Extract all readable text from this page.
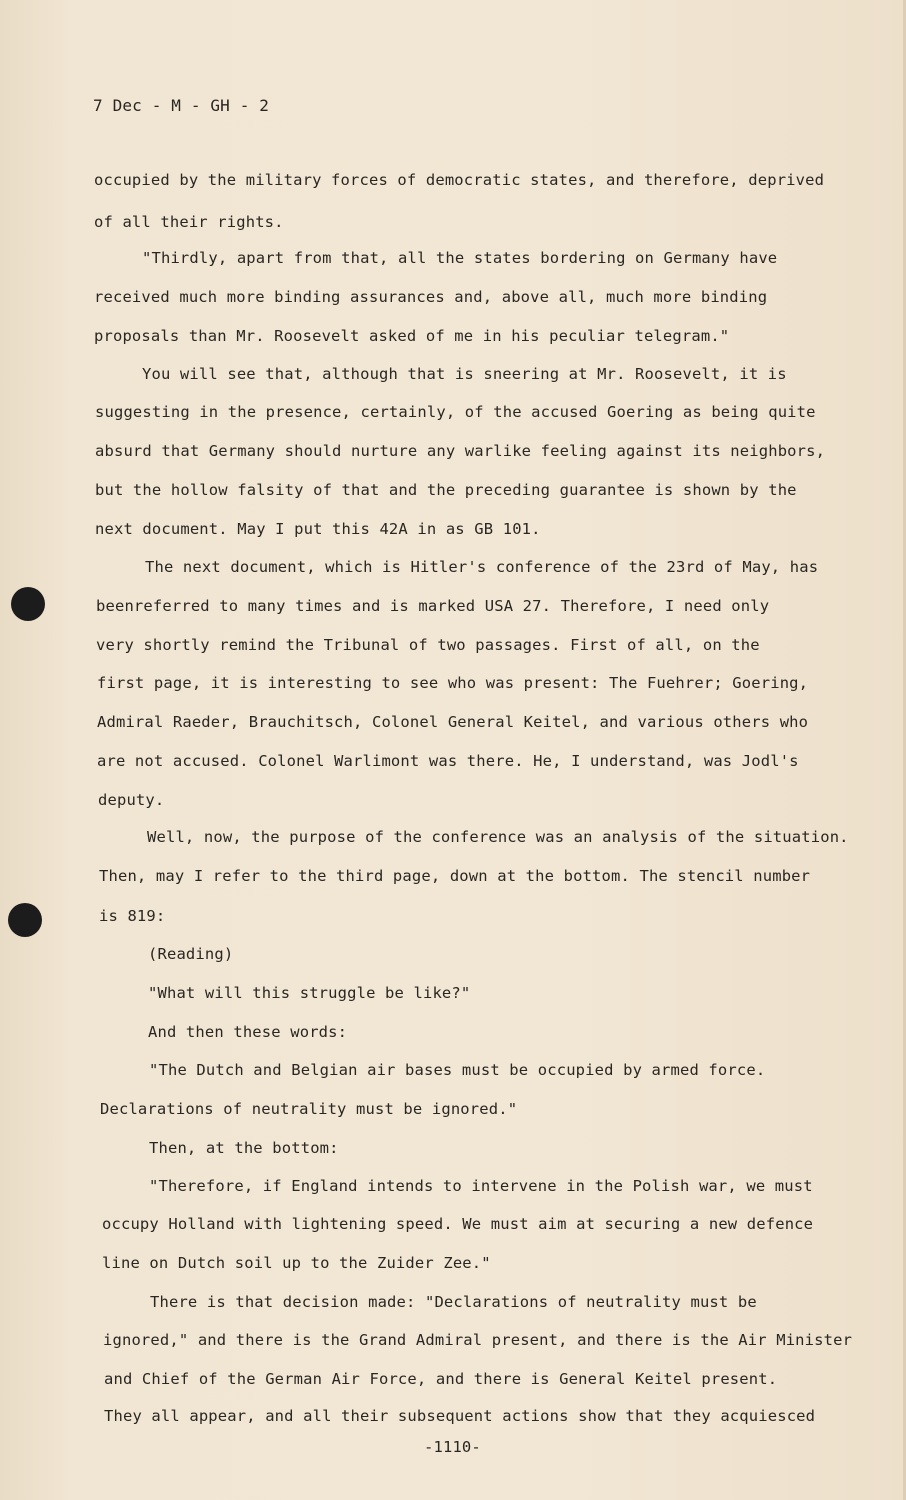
7 Dec - M - GH - 2
occupied by the military forces of democratic states, and therefore, deprived
of all their rights.
"Thirdly, apart from that, all the states bordering on Germany have
received much more binding assurances and, above all, much more binding
proposals than Mr. Roosevelt asked of me in his peculiar telegram."
You will see that, although that is sneering at Mr. Roosevelt, it is
suggesting in the presence, certainly, of the accused Goering as being quite
absurd that Germany should nurture any warlike feeling against its neighbors,
but the hollow falsity of that and the preceding guarantee is shown by the
next document. May I put this 42A in as GB 101.
The next document, which is Hitler's conference of the 23rd of May, has
beenreferred to many times and is marked USA 27. Therefore, I need only
very shortly remind the Tribunal of two passages. First of all, on the
first page, it is interesting to see who was present: The Fuehrer; Goering,
Admiral Raeder, Brauchitsch, Colonel General Keitel, and various others who
are not accused. Colonel Warlimont was there. He, I understand, was Jodl's
deputy.
Well, now, the purpose of the conference was an analysis of the situation.
Then, may I refer to the third page, down at the bottom. The stencil number
is 819:
(Reading)
"What will this struggle be like?"
And then these words:
"The Dutch and Belgian air bases must be occupied by armed force.
Declarations of neutrality must be ignored."
Then, at the bottom:
"Therefore, if England intends to intervene in the Polish war, we must
occupy Holland with lightening speed. We must aim at securing a new defence
line on Dutch soil up to the Zuider Zee."
There is that decision made: "Declarations of neutrality must be
ignored," and there is the Grand Admiral present, and there is the Air Minister
and Chief of the German Air Force, and there is General Keitel present.
They all appear, and all their subsequent actions show that they acquiesced
-1110-
